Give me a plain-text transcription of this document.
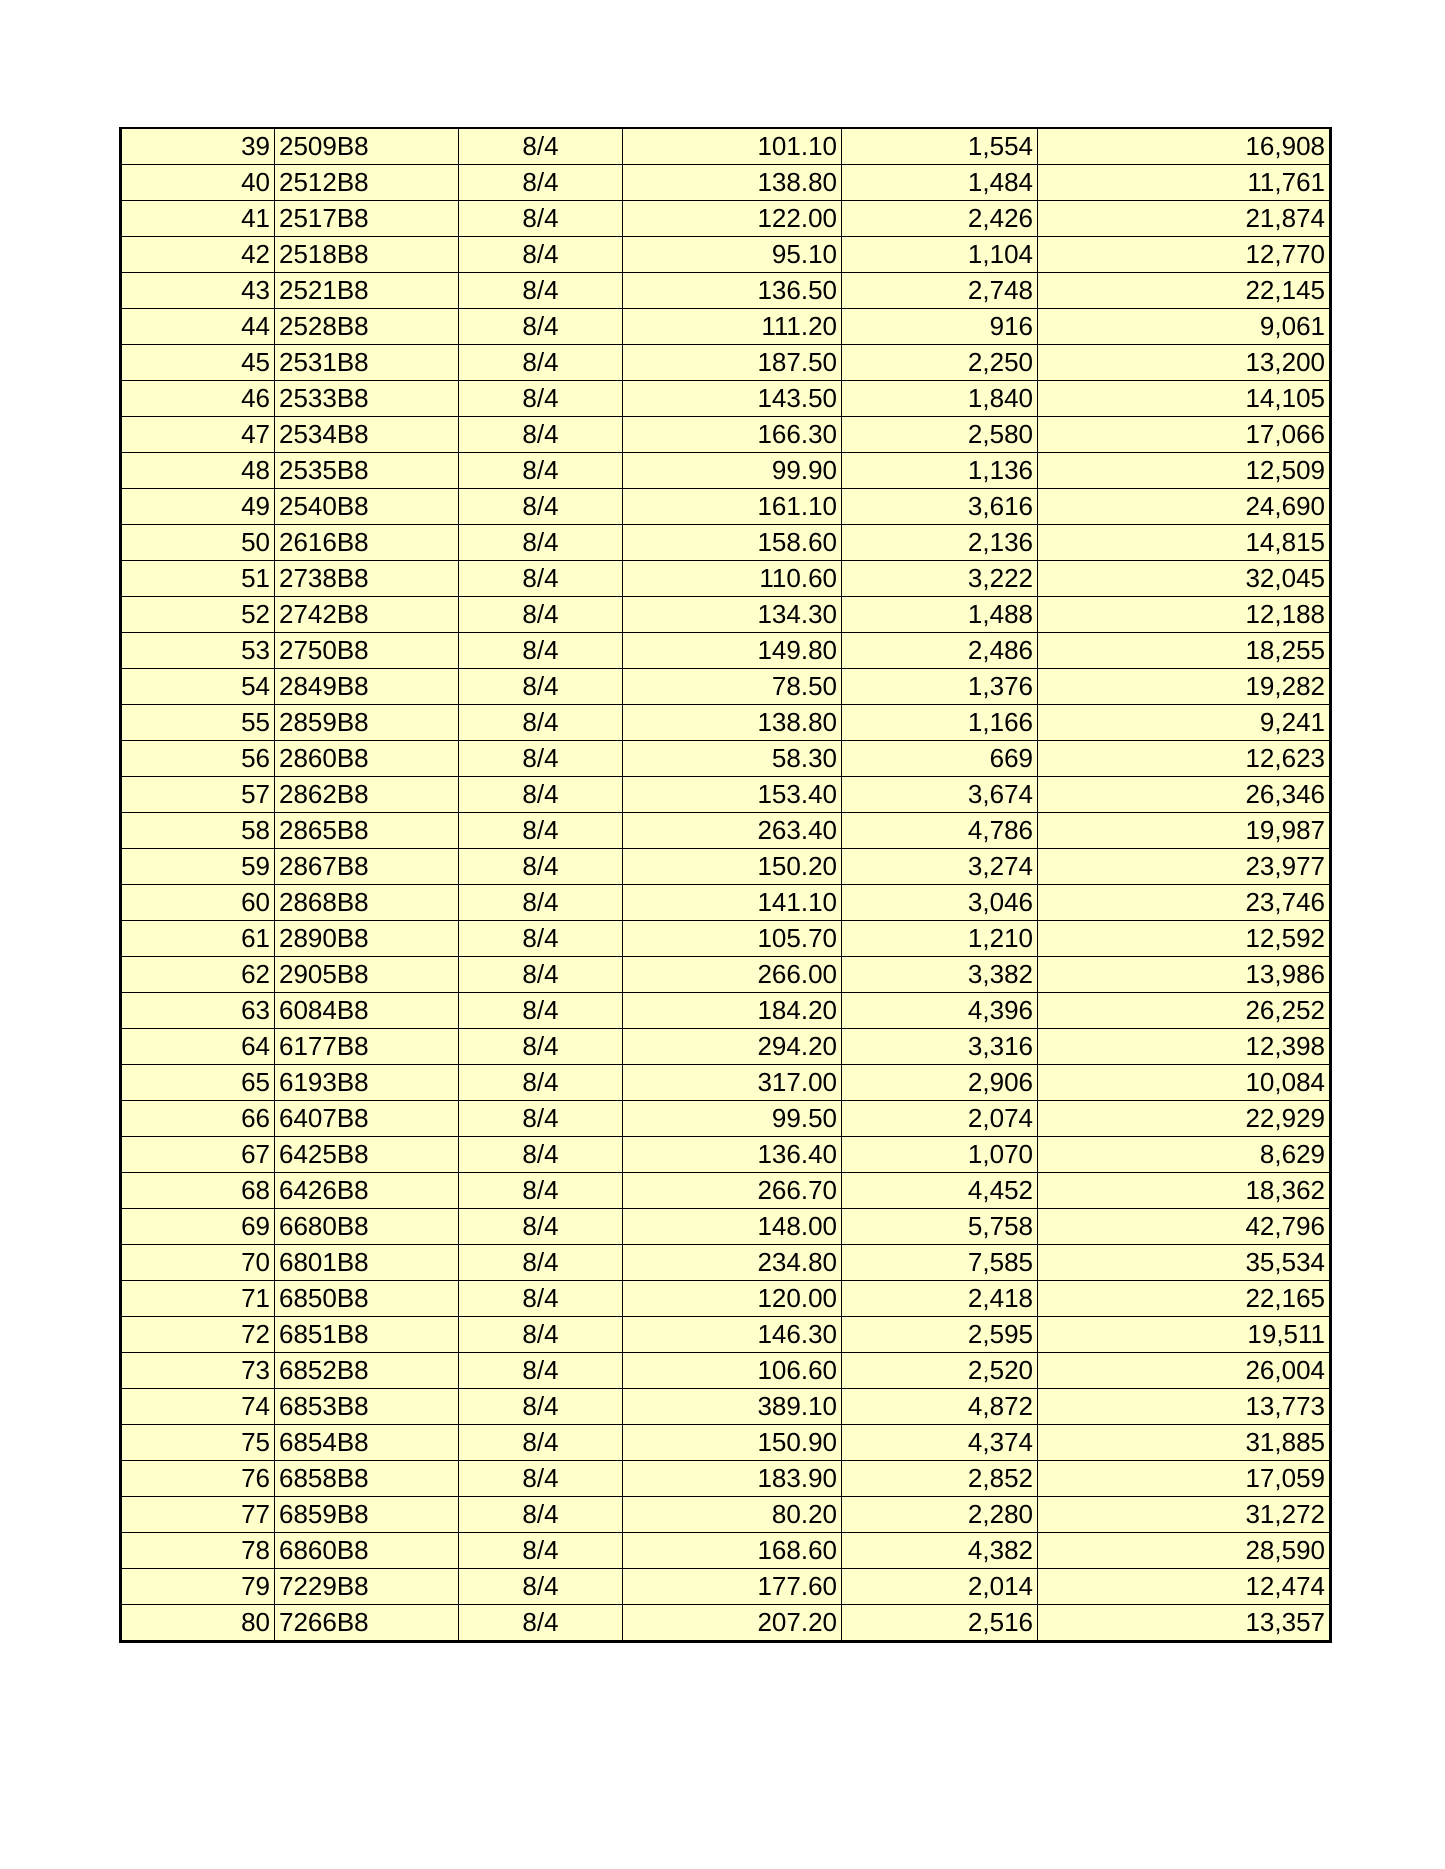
39	2509B8	8/4	101.10	1,554	16,908
40	2512B8	8/4	138.80	1,484	11,761
41	2517B8	8/4	122.00	2,426	21,874
42	2518B8	8/4	95.10	1,104	12,770
43	2521B8	8/4	136.50	2,748	22,145
44	2528B8	8/4	111.20	916	9,061
45	2531B8	8/4	187.50	2,250	13,200
46	2533B8	8/4	143.50	1,840	14,105
47	2534B8	8/4	166.30	2,580	17,066
48	2535B8	8/4	99.90	1,136	12,509
49	2540B8	8/4	161.10	3,616	24,690
50	2616B8	8/4	158.60	2,136	14,815
51	2738B8	8/4	110.60	3,222	32,045
52	2742B8	8/4	134.30	1,488	12,188
53	2750B8	8/4	149.80	2,486	18,255
54	2849B8	8/4	78.50	1,376	19,282
55	2859B8	8/4	138.80	1,166	9,241
56	2860B8	8/4	58.30	669	12,623
57	2862B8	8/4	153.40	3,674	26,346
58	2865B8	8/4	263.40	4,786	19,987
59	2867B8	8/4	150.20	3,274	23,977
60	2868B8	8/4	141.10	3,046	23,746
61	2890B8	8/4	105.70	1,210	12,592
62	2905B8	8/4	266.00	3,382	13,986
63	6084B8	8/4	184.20	4,396	26,252
64	6177B8	8/4	294.20	3,316	12,398
65	6193B8	8/4	317.00	2,906	10,084
66	6407B8	8/4	99.50	2,074	22,929
67	6425B8	8/4	136.40	1,070	8,629
68	6426B8	8/4	266.70	4,452	18,362
69	6680B8	8/4	148.00	5,758	42,796
70	6801B8	8/4	234.80	7,585	35,534
71	6850B8	8/4	120.00	2,418	22,165
72	6851B8	8/4	146.30	2,595	19,511
73	6852B8	8/4	106.60	2,520	26,004
74	6853B8	8/4	389.10	4,872	13,773
75	6854B8	8/4	150.90	4,374	31,885
76	6858B8	8/4	183.90	2,852	17,059
77	6859B8	8/4	80.20	2,280	31,272
78	6860B8	8/4	168.60	4,382	28,590
79	7229B8	8/4	177.60	2,014	12,474
80	7266B8	8/4	207.20	2,516	13,357
